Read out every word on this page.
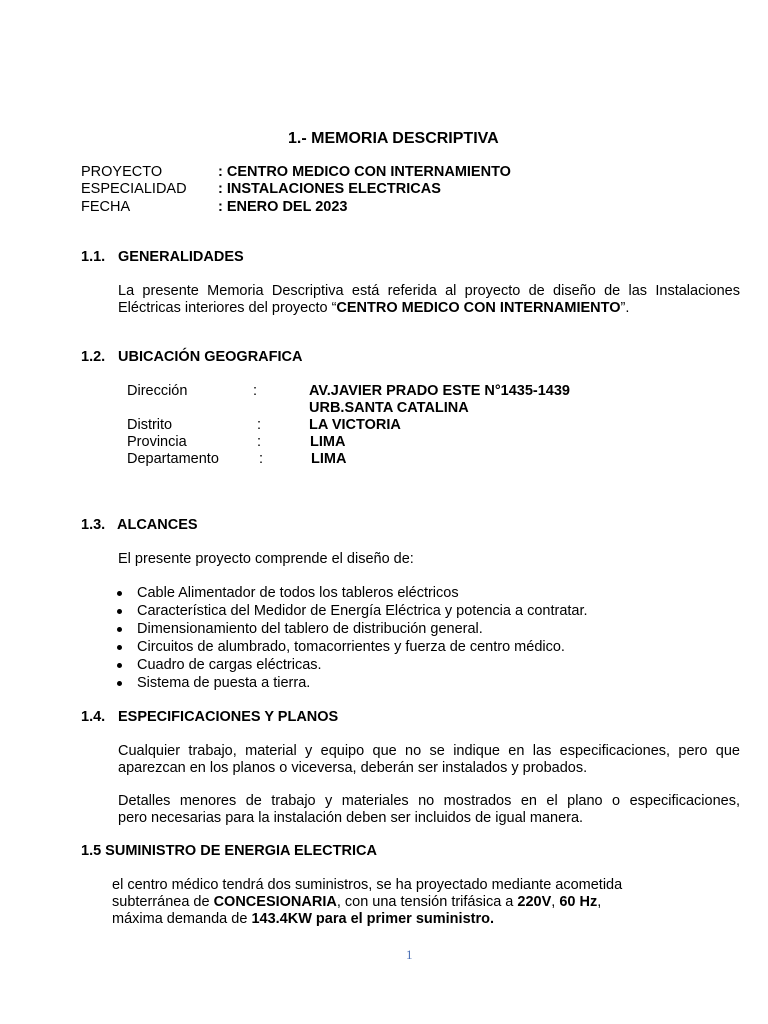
1.- MEMORIA DESCRIPTIVA
PROYECTO	: CENTRO MEDICO CON INTERNAMIENTO
ESPECIALIDAD : INSTALACIONES ELECTRICAS
FECHA	: ENERO DEL 2023
1.1. GENERALIDADES
La presente Memoria Descriptiva está referida al proyecto de diseño de las Instalaciones
Eléctricas interiores del proyecto “CENTRO MEDICO CON INTERNAMIENTO”.
1.2. UBICACIÓN GEOGRAFICA
Dirección	:	AV.JAVIER PRADO ESTE N°1435-1439
URB.SANTA CATALINA
Distrito	:	LA VICTORIA
Provincia	:	LIMA
Departamento	:	LIMA
1.3. ALCANCES
El presente proyecto comprende el diseño de:
Cable Alimentador de todos los tableros eléctricos
Característica del Medidor de Energía Eléctrica y potencia a contratar.
Dimensionamiento del tablero de distribución general.
Circuitos de alumbrado, tomacorrientes y fuerza de centro médico.
Cuadro de cargas eléctricas.
Sistema de puesta a tierra.
1.4. ESPECIFICACIONES Y PLANOS
Cualquier trabajo, material y equipo que no se indique en las especificaciones, pero que
aparezcan en los planos o viceversa, deberán ser instalados y probados.
Detalles menores de trabajo y materiales no mostrados en el plano o especificaciones,
pero necesarias para la instalación deben ser incluidos de igual manera.
1.5 SUMINISTRO DE ENERGIA ELECTRICA
el centro médico tendrá dos suministros, se ha proyectado mediante acometida
subterránea de CONCESIONARIA, con una tensión trifásica a 220V, 60 Hz,
máxima demanda de 143.4KW para el primer suministro.
1
